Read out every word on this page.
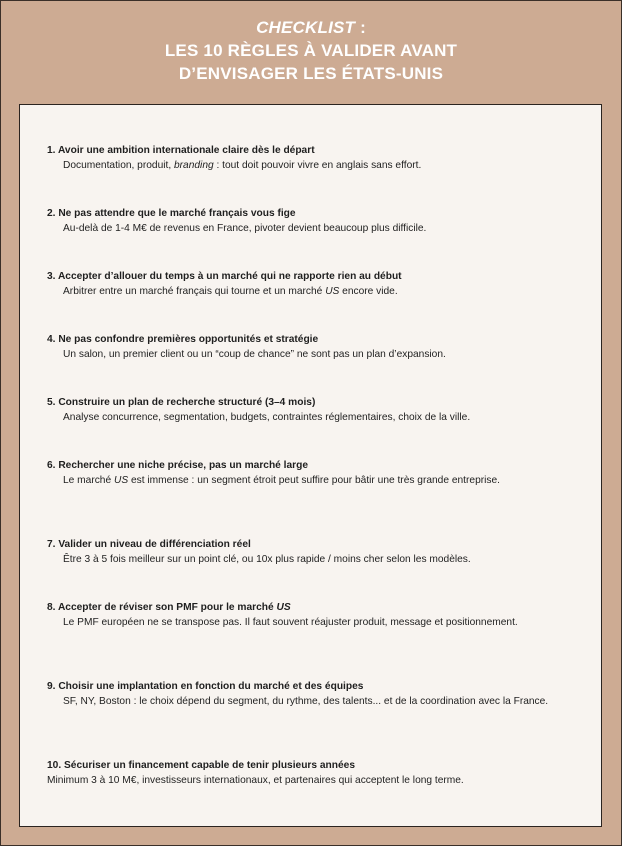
CHECKLIST :
LES 10 RÈGLES À VALIDER AVANT
D’ENVISAGER LES ÉTATS-UNIS
1. Avoir une ambition internationale claire dès le départ
Documentation, produit, branding : tout doit pouvoir vivre en anglais sans effort.
2. Ne pas attendre que le marché français vous fige
Au-delà de 1-4 M€ de revenus en France, pivoter devient beaucoup plus difficile.
3. Accepter d’allouer du temps à un marché qui ne rapporte rien au début
Arbitrer entre un marché français qui tourne et un marché US encore vide.
4. Ne pas confondre premières opportunités et stratégie
Un salon, un premier client ou un “coup de chance” ne sont pas un plan d’expansion.
5. Construire un plan de recherche structuré (3–4 mois)
Analyse concurrence, segmentation, budgets, contraintes réglementaires, choix de la ville.
6. Rechercher une niche précise, pas un marché large
Le marché US est immense : un segment étroit peut suffire pour bâtir une très grande entreprise.
7. Valider un niveau de différenciation réel
Être 3 à 5 fois meilleur sur un point clé, ou 10x plus rapide / moins cher selon les modèles.
8. Accepter de réviser son PMF pour le marché US
Le PMF européen ne se transpose pas. Il faut souvent réajuster produit, message et positionnement.
9. Choisir une implantation en fonction du marché et des équipes
SF, NY, Boston : le choix dépend du segment, du rythme, des talents... et de la coordination avec la France.
10. Sécuriser un financement capable de tenir plusieurs années
Minimum 3 à 10 M€, investisseurs internationaux, et partenaires qui acceptent le long terme.
